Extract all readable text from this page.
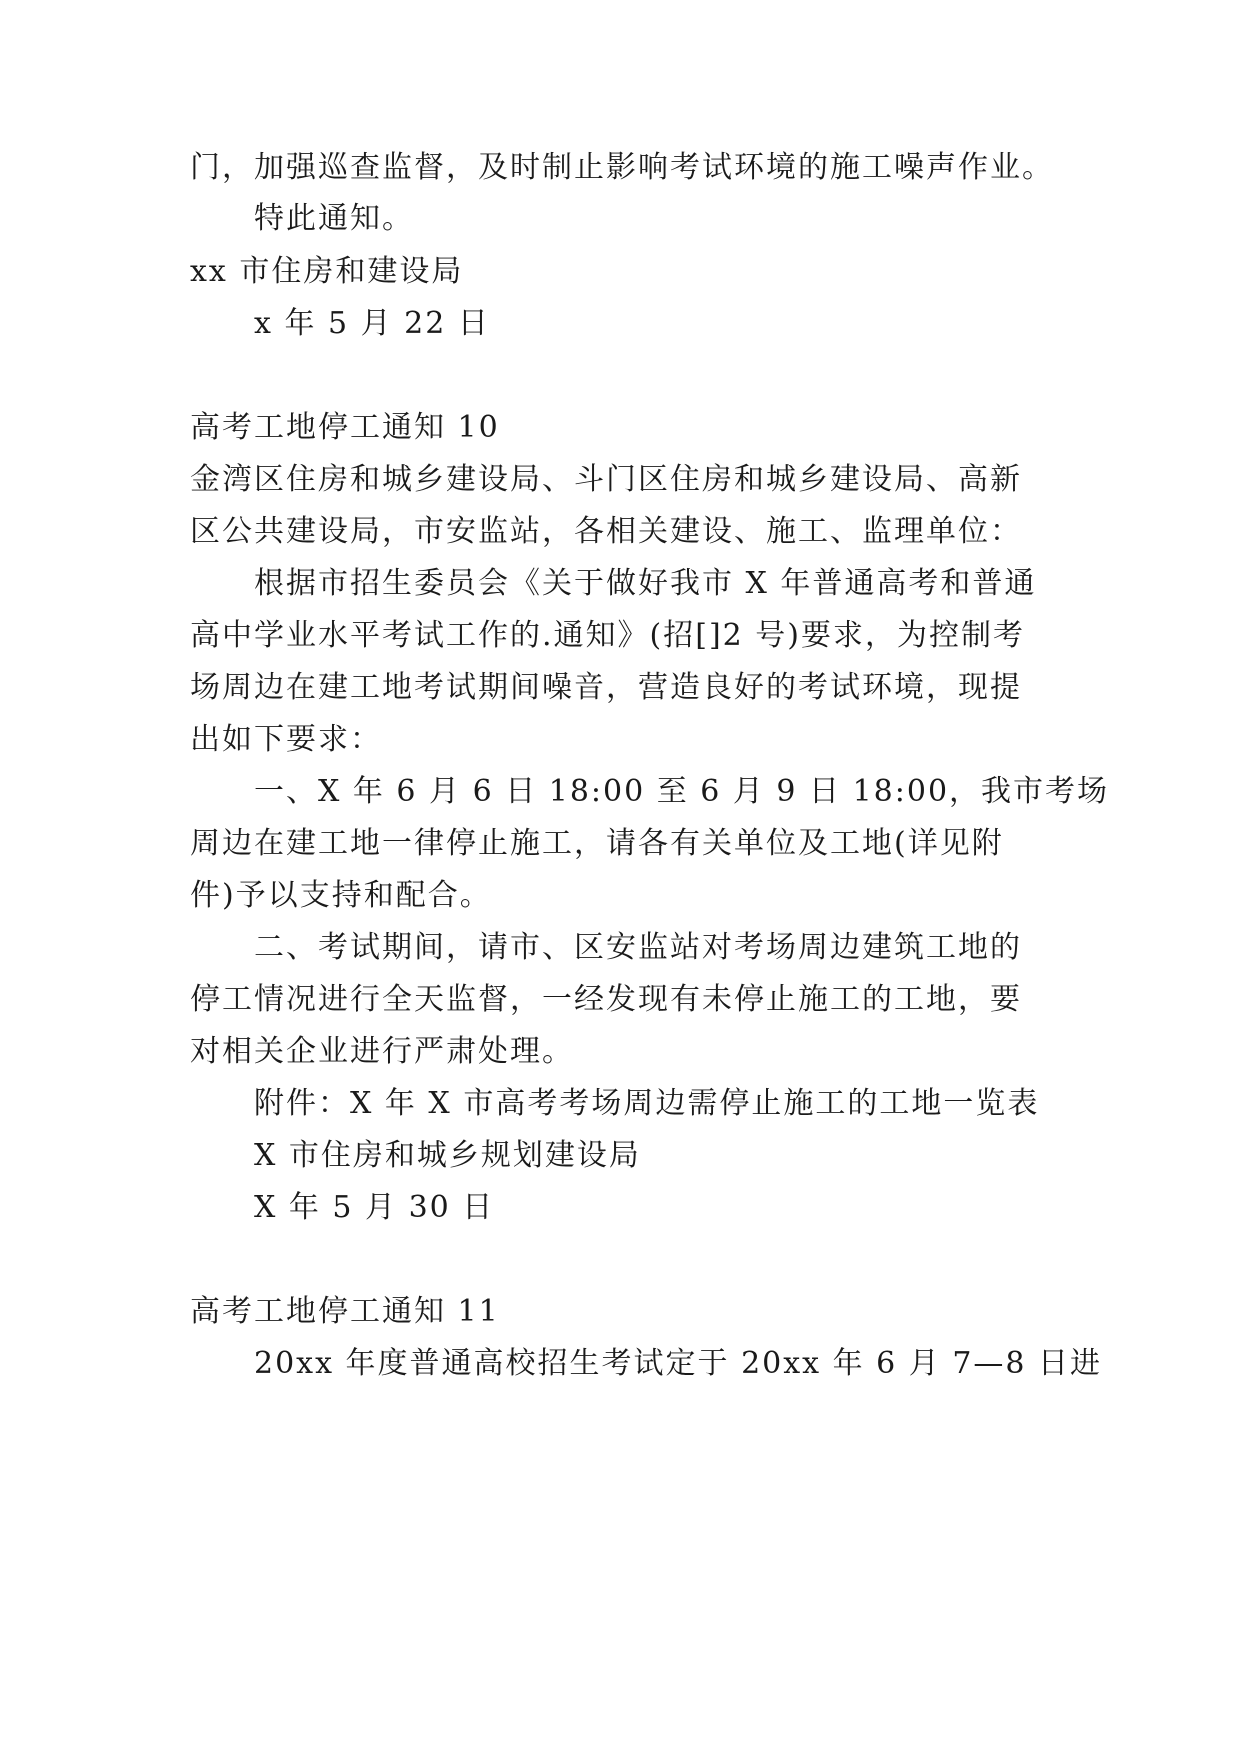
门，加强巡查监督，及时制止影响考试环境的施工噪声作业。
特此通知。
xx 市住房和建设局
x 年 5 月 22 日
高考工地停工通知 10
金湾区住房和城乡建设局、斗门区住房和城乡建设局、高新
区公共建设局，市安监站，各相关建设、施工、监理单位：
根据市招生委员会《关于做好我市 X 年普通高考和普通
高中学业水平考试工作的.通知》(招[]2 号)要求，为控制考
场周边在建工地考试期间噪音，营造良好的考试环境，现提
出如下要求：
一、X 年 6 月 6 日 18:00 至 6 月 9 日 18:00，我市考场
周边在建工地一律停止施工，请各有关单位及工地(详见附
件)予以支持和配合。
二、考试期间，请市、区安监站对考场周边建筑工地的
停工情况进行全天监督，一经发现有未停止施工的工地，要
对相关企业进行严肃处理。
附件：X 年 X 市高考考场周边需停止施工的工地一览表
X 市住房和城乡规划建设局
X 年 5 月 30 日
高考工地停工通知 11
20xx 年度普通高校招生考试定于 20xx 年 6 月 7—8 日进
